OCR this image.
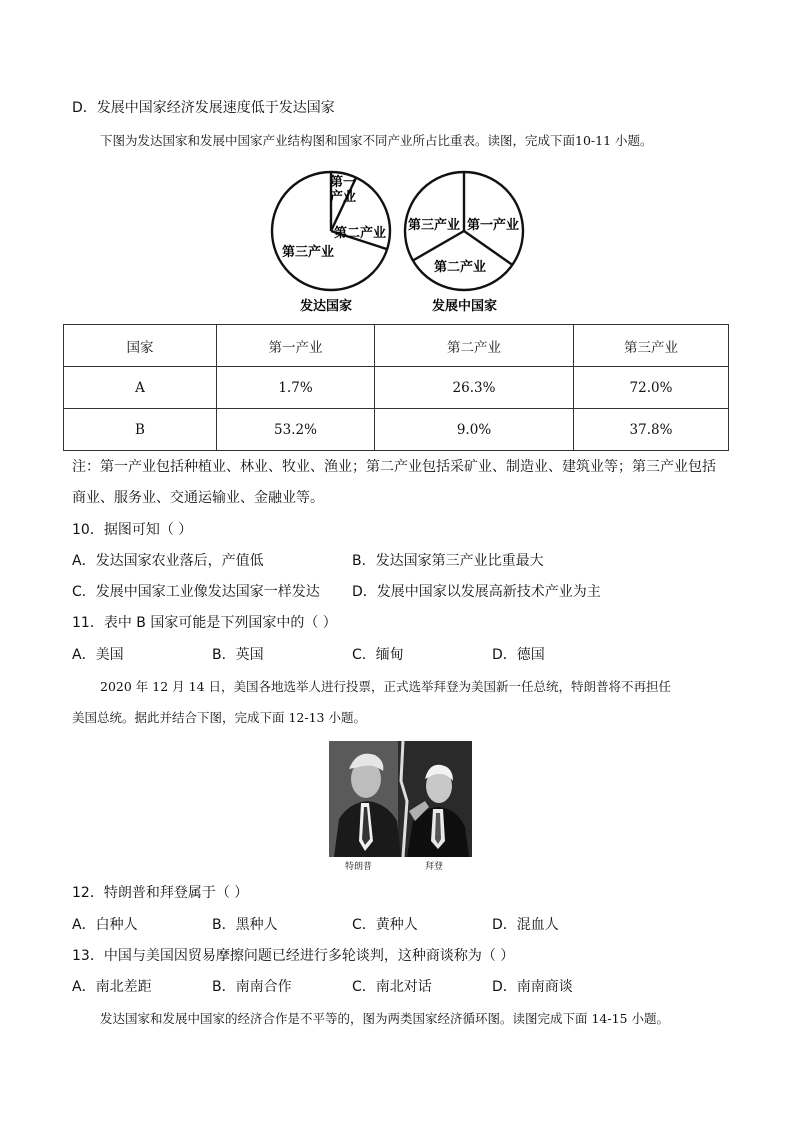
D．发展中国家经济发展速度低于发达国家
下图为发达国家和发展中国家产业结构图和国家不同产业所占比重表。读图，完成下面10-11 小题。
第一
产业
第二产业
第三产业
发达国家
第三产业 第一产业
第二产业
发展中国家
国家	第一产业	第二产业	第三产业
A	1.7%	26.3%	72.0%
B	53.2%	9.0%	37.8%
注：第一产业包括种植业、林业、牧业、渔业；第二产业包括采矿业、制造业、建筑业等；第三产业包括
商业、服务业、交通运输业、金融业等。
10．据图可知（ ）
A．发达国家农业落后，产值低	B．发达国家第三产业比重最大
C．发展中国家工业像发达国家一样发达 D．发展中国家以发展高新技术产业为主
11．表中 B 国家可能是下列国家中的（ ）
A．美国	B．英国	C．缅甸	D．德国
2020 年 12 月 14 日，美国各地选举人进行投票，正式选举拜登为美国新一任总统，特朗普将不再担任
美国总统。据此并结合下图，完成下面 12-13 小题。
特朗普	拜登
12．特朗普和拜登属于（ ）
A．白种人	B．黑种人	C．黄种人	D．混血人
13．中国与美国因贸易摩擦问题已经进行多轮谈判，这种商谈称为（ ）
A．南北差距	B．南南合作	C．南北对话	D．南南商谈
发达国家和发展中国家的经济合作是不平等的，图为两类国家经济循环图。读图完成下面 14-15 小题。
